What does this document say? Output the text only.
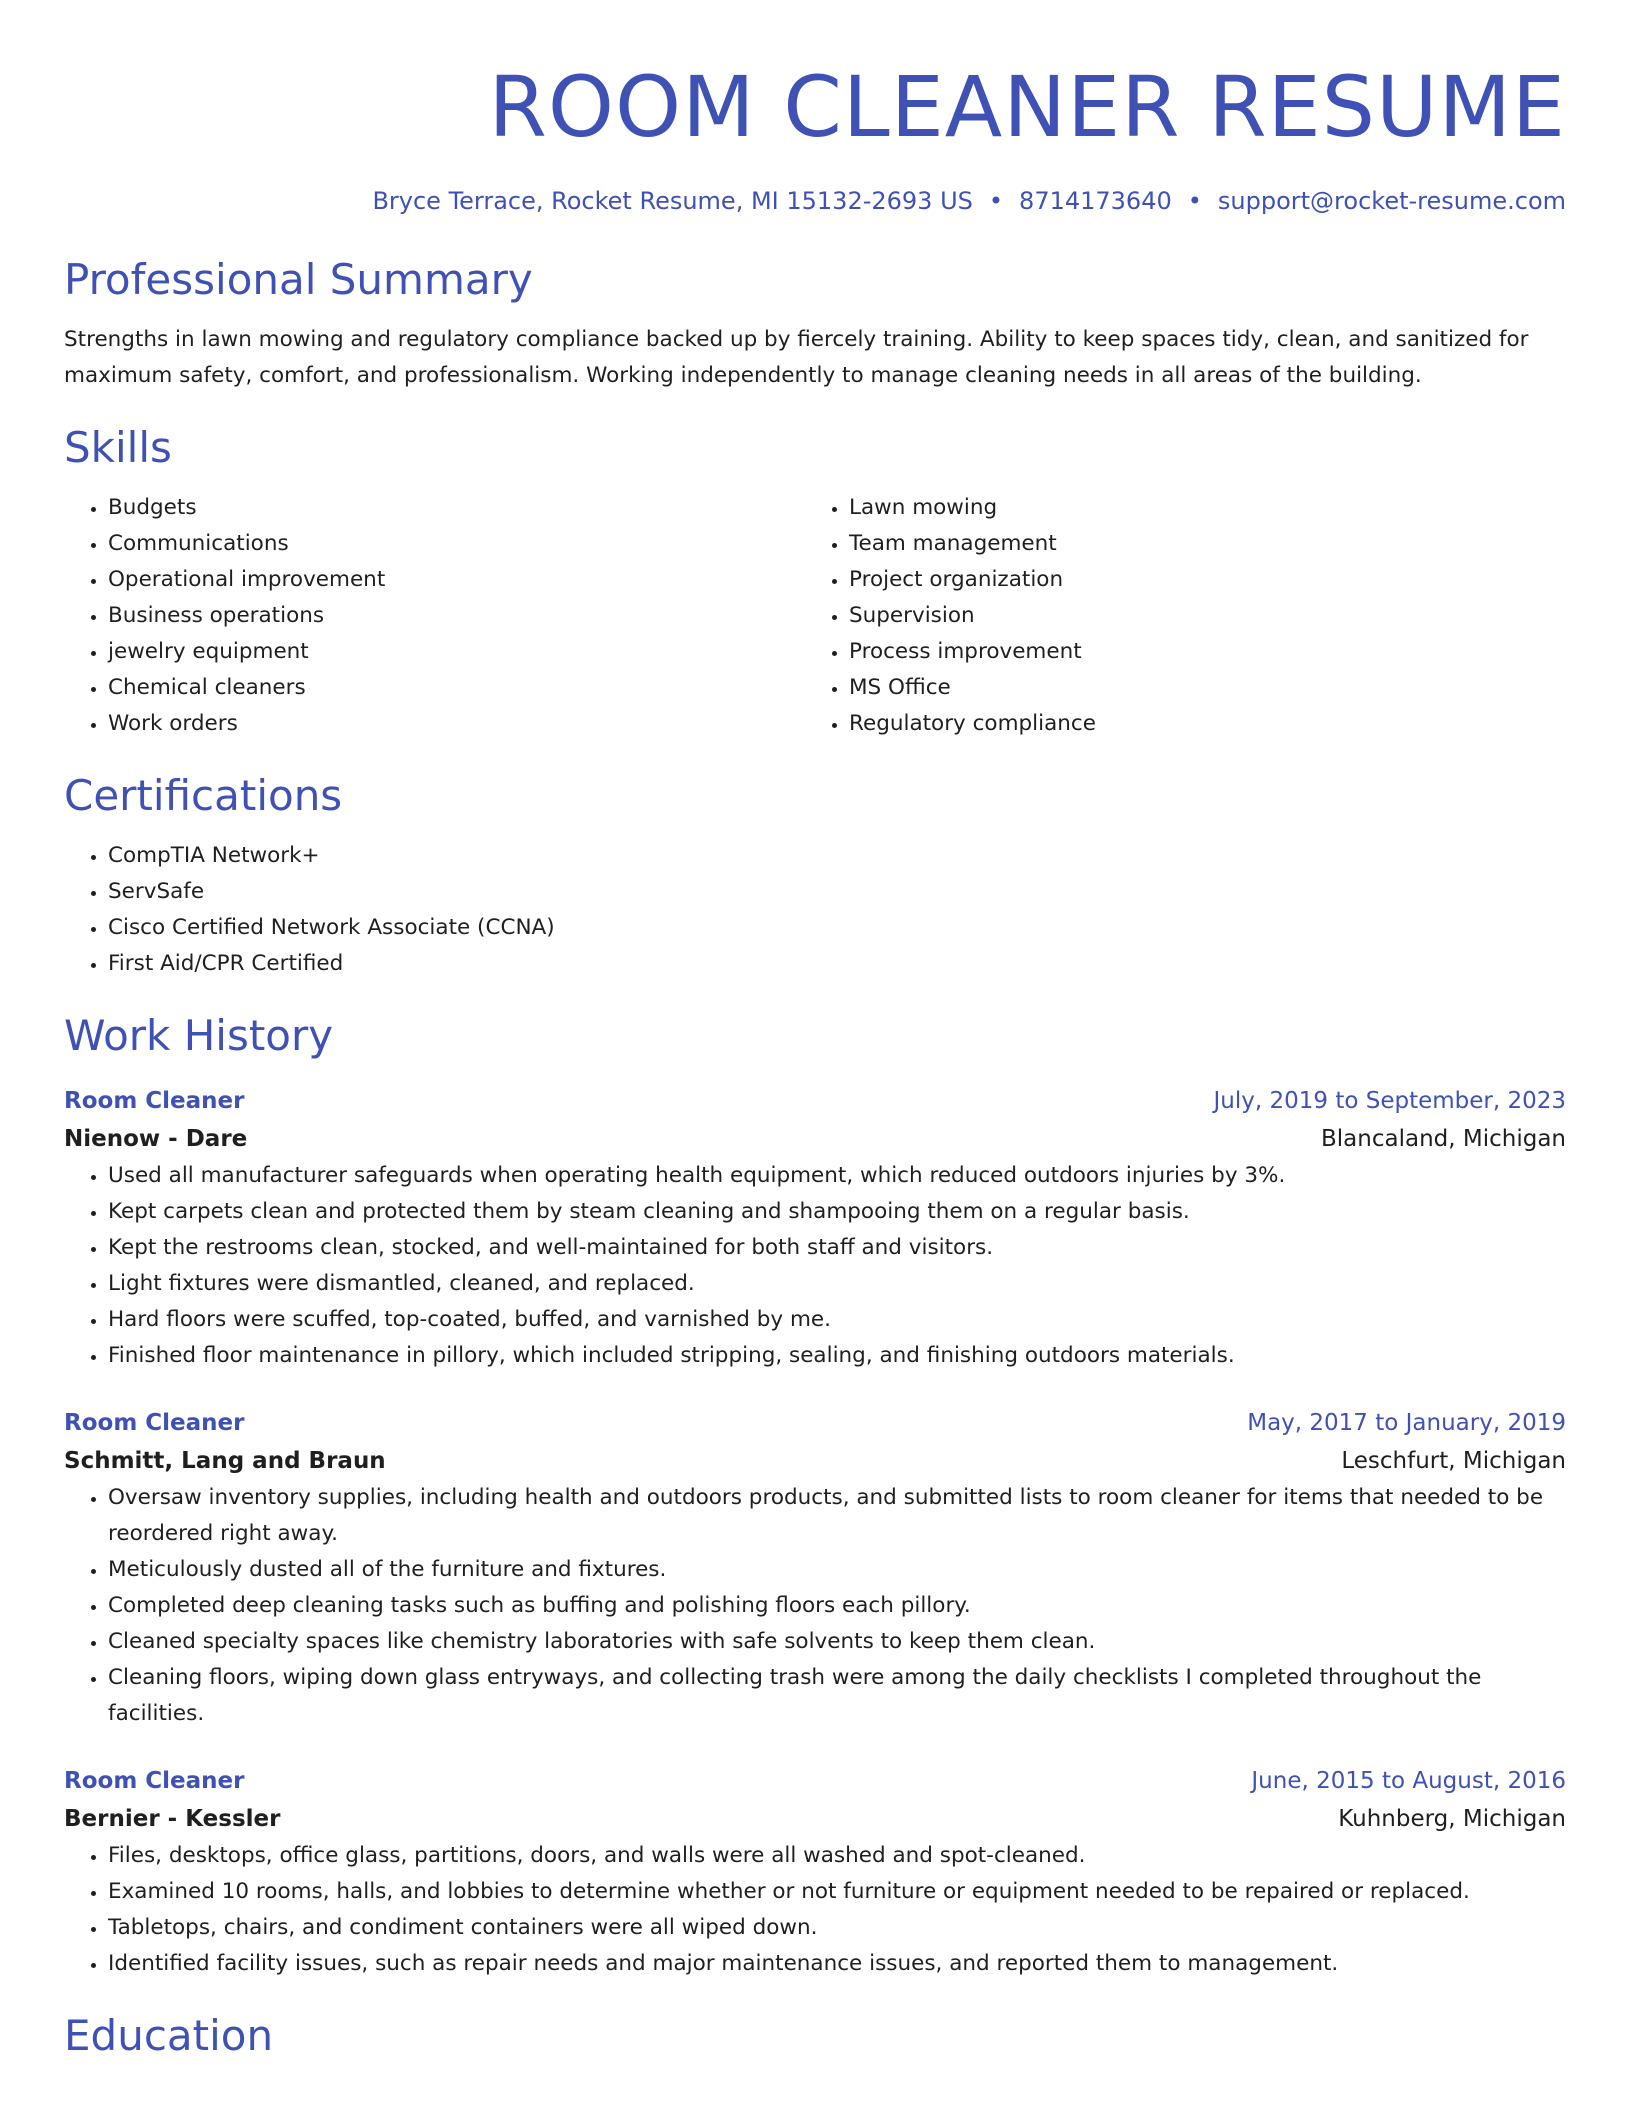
ROOM CLEANER RESUME
Bryce Terrace, Rocket Resume, MI 15132-2693 US • 8714173640 • support@rocket-resume.com
Professional Summary
Strengths in lawn mowing and regulatory compliance backed up by fiercely training. Ability to keep spaces tidy, clean, and sanitized for maximum safety, comfort, and professionalism. Working independently to manage cleaning needs in all areas of the building.
Skills
• Budgets
• Communications
• Operational improvement
• Business operations
• jewelry equipment
• Chemical cleaners
• Work orders
• Lawn mowing
• Team management
• Project organization
• Supervision
• Process improvement
• MS Office
• Regulatory compliance
Certifications
• CompTIA Network+
• ServSafe
• Cisco Certified Network Associate (CCNA)
• First Aid/CPR Certified
Work History
Room Cleaner	July, 2019 to September, 2023
Nienow - Dare	Blancaland, Michigan
• Used all manufacturer safeguards when operating health equipment, which reduced outdoors injuries by 3%.
• Kept carpets clean and protected them by steam cleaning and shampooing them on a regular basis.
• Kept the restrooms clean, stocked, and well-maintained for both staff and visitors.
• Light fixtures were dismantled, cleaned, and replaced.
• Hard floors were scuffed, top-coated, buffed, and varnished by me.
• Finished floor maintenance in pillory, which included stripping, sealing, and finishing outdoors materials.
Room Cleaner	May, 2017 to January, 2019
Schmitt, Lang and Braun	Leschfurt, Michigan
• Oversaw inventory supplies, including health and outdoors products, and submitted lists to room cleaner for items that needed to be reordered right away.
• Meticulously dusted all of the furniture and fixtures.
• Completed deep cleaning tasks such as buffing and polishing floors each pillory.
• Cleaned specialty spaces like chemistry laboratories with safe solvents to keep them clean.
• Cleaning floors, wiping down glass entryways, and collecting trash were among the daily checklists I completed throughout the facilities.
Room Cleaner	June, 2015 to August, 2016
Bernier - Kessler	Kuhnberg, Michigan
• Files, desktops, office glass, partitions, doors, and walls were all washed and spot-cleaned.
• Examined 10 rooms, halls, and lobbies to determine whether or not furniture or equipment needed to be repaired or replaced.
• Tabletops, chairs, and condiment containers were all wiped down.
• Identified facility issues, such as repair needs and major maintenance issues, and reported them to management.
Education
